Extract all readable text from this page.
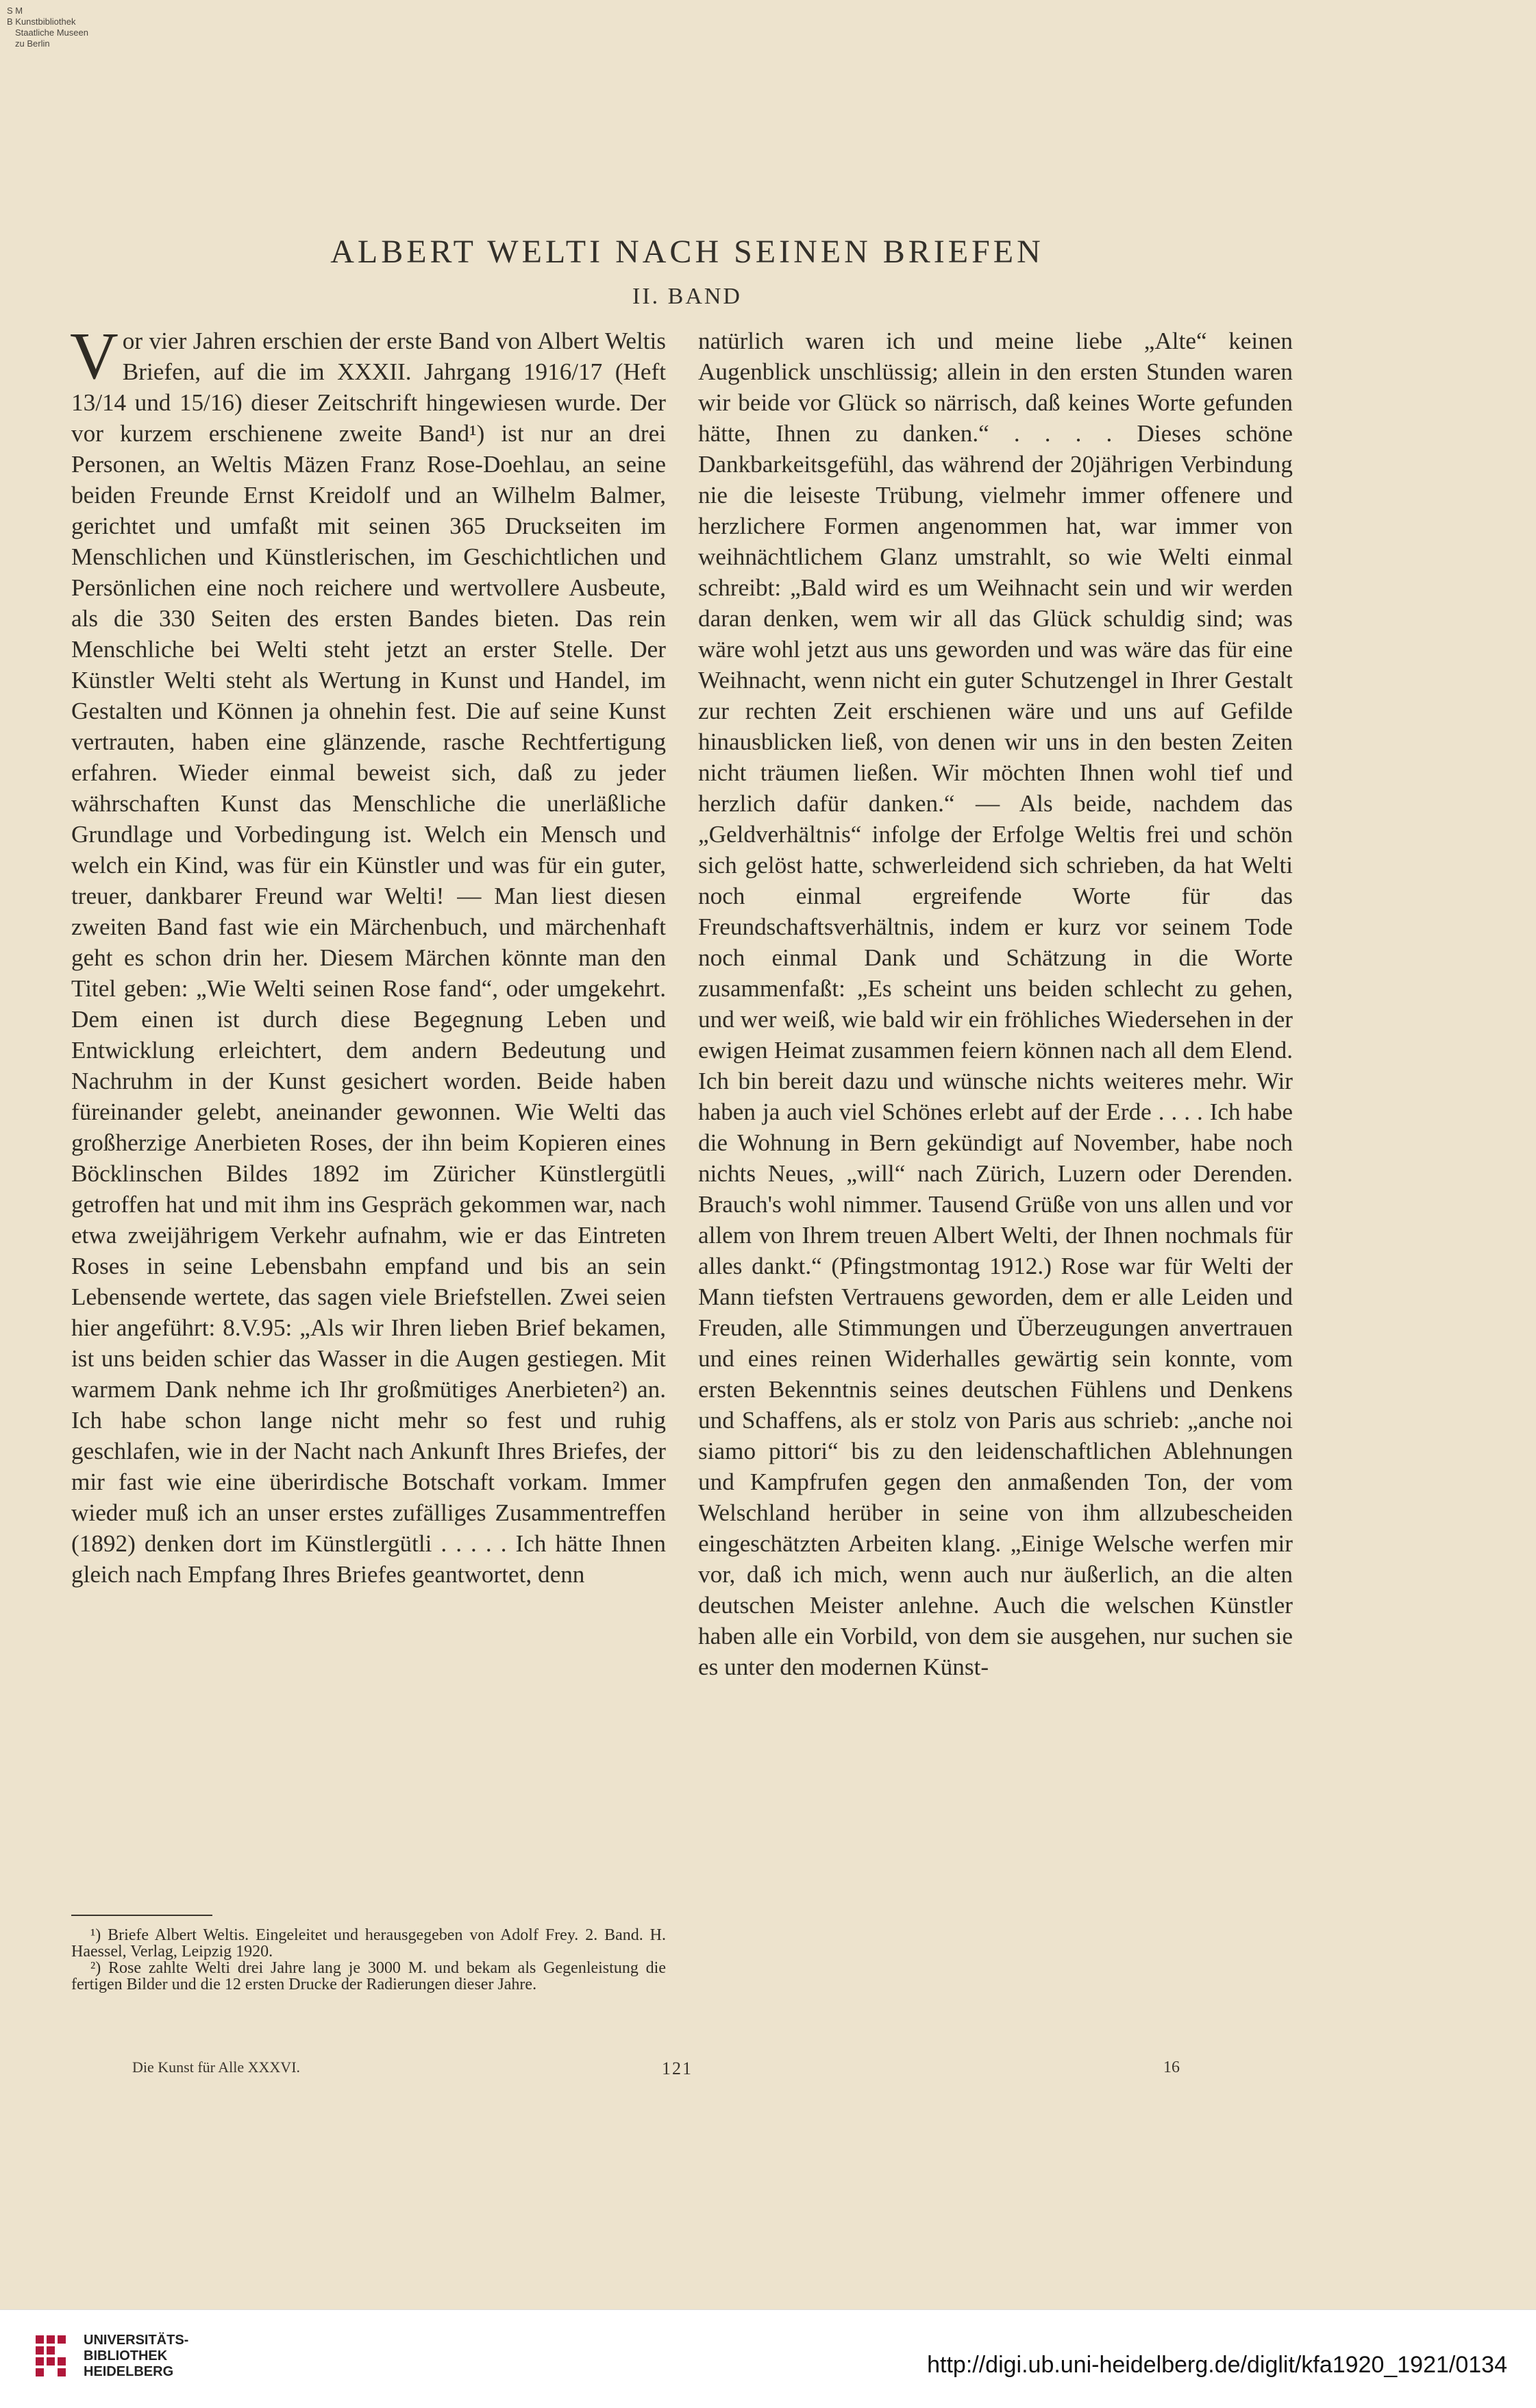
S M
B Kunstbibliothek
Staatliche Museen
zu Berlin
ALBERT WELTI NACH SEINEN BRIEFEN
II. BAND

Vor vier Jahren erschien der erste Band von Albert Weltis Briefen, auf die im XXXII. Jahrgang 1916/17 (Heft 13/14 und 15/16) dieser Zeitschrift hingewiesen wurde. Der vor kurzem erschienene zweite Band¹) ist nur an drei Personen, an Weltis Mäzen Franz Rose-Doehlau, an seine beiden Freunde Ernst Kreidolf und an Wilhelm Balmer, gerichtet und umfaßt mit seinen 365 Druckseiten im Menschlichen und Künstlerischen, im Geschichtlichen und Persönlichen eine noch reichere und wertvollere Ausbeute, als die 330 Seiten des ersten Bandes bieten. Das rein Menschliche bei Welti steht jetzt an erster Stelle. Der Künstler Welti steht als Wertung in Kunst und Handel, im Gestalten und Können ja ohnehin fest. Die auf seine Kunst vertrauten, haben eine glänzende, rasche Rechtfertigung erfahren. Wieder einmal beweist sich, daß zu jeder währschaften Kunst das Menschliche die unerläßliche Grundlage und Vorbedingung ist. Welch ein Mensch und welch ein Kind, was für ein Künstler und was für ein guter, treuer, dankbarer Freund war Welti! — Man liest diesen zweiten Band fast wie ein Märchenbuch, und märchenhaft geht es schon drin her. Diesem Märchen könnte man den Titel geben: „Wie Welti seinen Rose fand“, oder umgekehrt. Dem einen ist durch diese Begegnung Leben und Entwicklung erleichtert, dem andern Bedeutung und Nachruhm in der Kunst gesichert worden. Beide haben füreinander gelebt, aneinander gewonnen. Wie Welti das großherzige Anerbieten Roses, der ihn beim Kopieren eines Böcklinschen Bildes 1892 im Züricher Künstlergütli getroffen hat und mit ihm ins Gespräch gekommen war, nach etwa zweijährigem Verkehr aufnahm, wie er das Eintreten Roses in seine Lebensbahn empfand und bis an sein Lebensende wertete, das sagen viele Briefstellen. Zwei seien hier angeführt: 8.V.95: „Als wir Ihren lieben Brief bekamen, ist uns beiden schier das Wasser in die Augen gestiegen. Mit warmem Dank nehme ich Ihr großmütiges Anerbieten²) an. Ich habe schon lange nicht mehr so fest und ruhig geschlafen, wie in der Nacht nach Ankunft Ihres Briefes, der mir fast wie eine überirdische Botschaft vorkam. Immer wieder muß ich an unser erstes zufälliges Zusammentreffen (1892) denken dort im Künstlergütli . . . . . Ich hätte Ihnen gleich nach Empfang Ihres Briefes geantwortet, denn

natürlich waren ich und meine liebe „Alte“ keinen Augenblick unschlüssig; allein in den ersten Stunden waren wir beide vor Glück so närrisch, daß keines Worte gefunden hätte, Ihnen zu danken.“ . . . . Dieses schöne Dankbarkeitsgefühl, das während der 20jährigen Verbindung nie die leiseste Trübung, vielmehr immer offenere und herzlichere Formen angenommen hat, war immer von weihnächtlichem Glanz umstrahlt, so wie Welti einmal schreibt: „Bald wird es um Weihnacht sein und wir werden daran denken, wem wir all das Glück schuldig sind; was wäre wohl jetzt aus uns geworden und was wäre das für eine Weihnacht, wenn nicht ein guter Schutzengel in Ihrer Gestalt zur rechten Zeit erschienen wäre und uns auf Gefilde hinausblicken ließ, von denen wir uns in den besten Zeiten nicht träumen ließen. Wir möchten Ihnen wohl tief und herzlich dafür danken.“ — Als beide, nachdem das „Geldverhältnis“ infolge der Erfolge Weltis frei und schön sich gelöst hatte, schwerleidend sich schrieben, da hat Welti noch einmal ergreifende Worte für das Freundschaftsverhältnis, indem er kurz vor seinem Tode noch einmal Dank und Schätzung in die Worte zusammenfaßt: „Es scheint uns beiden schlecht zu gehen, und wer weiß, wie bald wir ein fröhliches Wiedersehen in der ewigen Heimat zusammen feiern können nach all dem Elend. Ich bin bereit dazu und wünsche nichts weiteres mehr. Wir haben ja auch viel Schönes erlebt auf der Erde . . . . Ich habe die Wohnung in Bern gekündigt auf November, habe noch nichts Neues, „will“ nach Zürich, Luzern oder Derenden. Brauch's wohl nimmer. Tausend Grüße von uns allen und vor allem von Ihrem treuen Albert Welti, der Ihnen nochmals für alles dankt.“ (Pfingstmontag 1912.) Rose war für Welti der Mann tiefsten Vertrauens geworden, dem er alle Leiden und Freuden, alle Stimmungen und Überzeugungen anvertrauen und eines reinen Widerhalles gewärtig sein konnte, vom ersten Bekenntnis seines deutschen Fühlens und Denkens und Schaffens, als er stolz von Paris aus schrieb: „anche noi siamo pittori“ bis zu den leidenschaftlichen Ablehnungen und Kampfrufen gegen den anmaßenden Ton, der vom Welschland herüber in seine von ihm allzubescheiden eingeschätzten Arbeiten klang. „Einige Welsche werfen mir vor, daß ich mich, wenn auch nur äußerlich, an die alten deutschen Meister anlehne. Auch die welschen Künstler haben alle ein Vorbild, von dem sie ausgehen, nur suchen sie es unter den modernen Künst-

¹) Briefe Albert Weltis. Eingeleitet und herausgegeben von Adolf Frey. 2. Band. H. Haessel, Verlag, Leipzig 1920.

²) Rose zahlte Welti drei Jahre lang je 3000 M. und bekam als Gegenleistung die fertigen Bilder und die 12 ersten Drucke der Radierungen dieser Jahre.

Die Kunst für Alle XXXVI.	121	16
UNIVERSITÄTS-
BIBLIOTHEK
HEIDELBERG	http://digi.ub.uni-heidelberg.de/diglit/kfa1920_1921/0134
